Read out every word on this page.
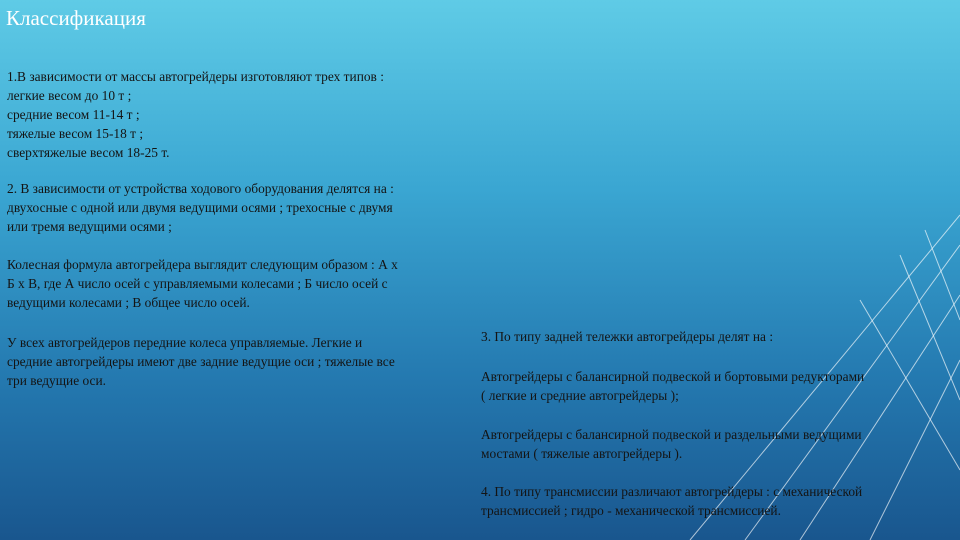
Классификация

1.В зависимости от массы автогрейдеры изготовляют трех типов :
легкие весом до 10 т ;
средние весом 11-14 т ;
тяжелые весом 15-18 т ;
сверхтяжелые весом 18-25 т.

2. В зависимости от устройства ходового оборудования делятся на :
двухосные с одной или двумя ведущими осями ; трехосные с двумя
или тремя ведущими осями ;

Колесная формула автогрейдера выглядит следующим образом : А х
Б х В, где А число осей с управляемыми колесами ; Б число осей с
ведущими колесами ; В общее число осей.

У всех автогрейдеров передние колеса управляемые. Легкие и
средние автогрейдеры имеют две задние ведущие оси ; тяжелые все
три ведущие оси.

3. По типу задней тележки автогрейдеры делят на :

Автогрейдеры с балансирной подвеской и бортовыми редукторами
( легкие и средние автогрейдеры );

Автогрейдеры с балансирной подвеской и раздельными ведущими
мостами ( тяжелые автогрейдеры ).

4. По типу трансмиссии различают автогрейдеры : с механической
трансмиссией ; гидро - механической трансмиссией.
